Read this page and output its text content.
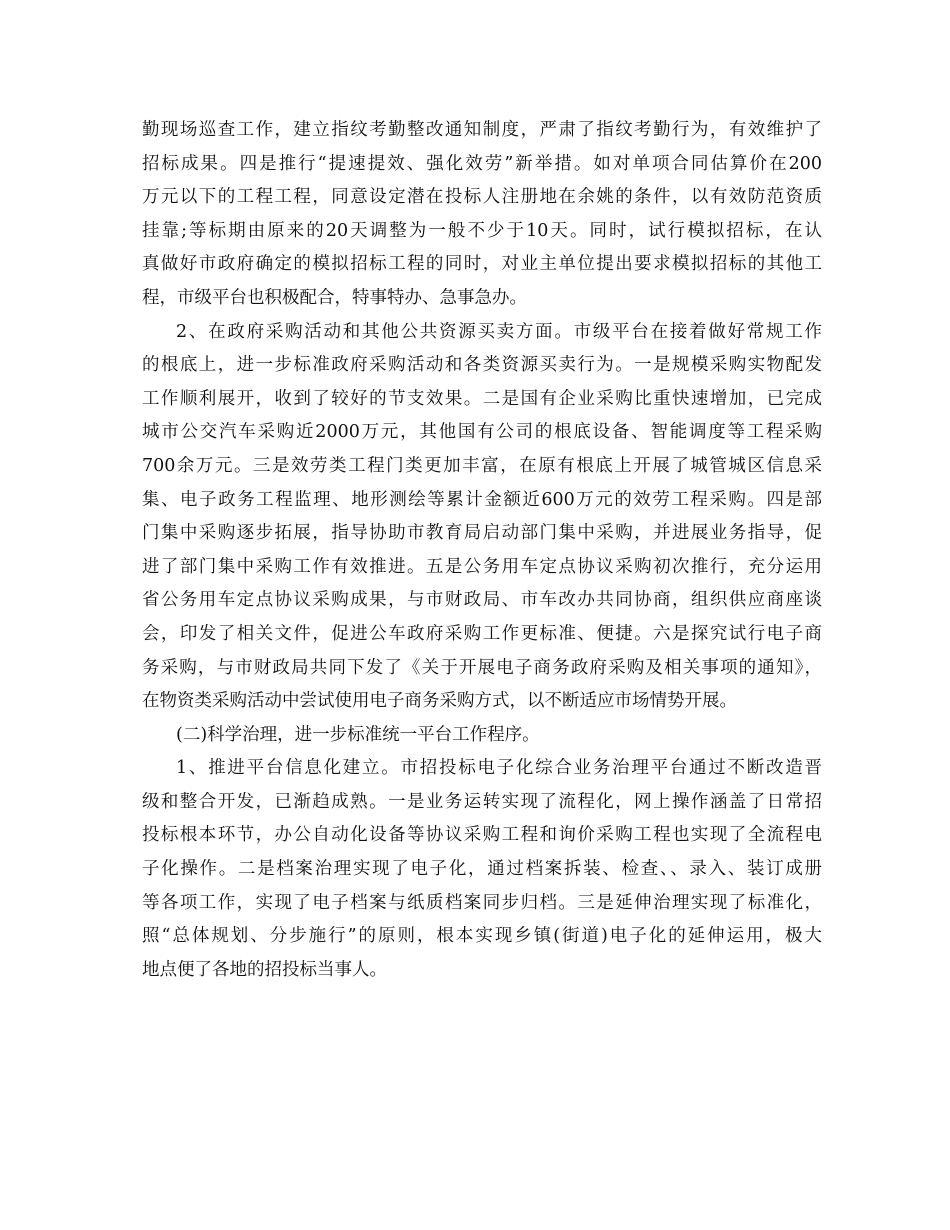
勤现场巡查工作，建立指纹考勤整改通知制度，严肃了指纹考勤行为，有效维护了
招标成果。四是推行“提速提效、强化效劳”新举措。如对单项合同估算价在200
万元以下的工程工程，同意设定潜在投标人注册地在余姚的条件，以有效防范资质
挂靠;等标期由原来的20天调整为一般不少于10天。同时，试行模拟招标，在认
真做好市政府确定的模拟招标工程的同时，对业主单位提出要求模拟招标的其他工
程，市级平台也积极配合，特事特办、急事急办。
2、在政府采购活动和其他公共资源买卖方面。市级平台在接着做好常规工作
的根底上，进一步标准政府采购活动和各类资源买卖行为。一是规模采购实物配发
工作顺利展开，收到了较好的节支效果。二是国有企业采购比重快速增加，已完成
城市公交汽车采购近2000万元，其他国有公司的根底设备、智能调度等工程采购
700余万元。三是效劳类工程门类更加丰富，在原有根底上开展了城管城区信息采
集、电子政务工程监理、地形测绘等累计金额近600万元的效劳工程采购。四是部
门集中采购逐步拓展，指导协助市教育局启动部门集中采购，并进展业务指导，促
进了部门集中采购工作有效推进。五是公务用车定点协议采购初次推行，充分运用
省公务用车定点协议采购成果，与市财政局、市车改办共同协商，组织供应商座谈
会，印发了相关文件，促进公车政府采购工作更标准、便捷。六是探究试行电子商
务采购，与市财政局共同下发了《关于开展电子商务政府采购及相关事项的通知》，
在物资类采购活动中尝试使用电子商务采购方式，以不断适应市场情势开展。
(二)科学治理，进一步标准统一平台工作程序。
1、推进平台信息化建立。市招投标电子化综合业务治理平台通过不断改造晋
级和整合开发，已渐趋成熟。一是业务运转实现了流程化，网上操作涵盖了日常招
投标根本环节，办公自动化设备等协议采购工程和询价采购工程也实现了全流程电
子化操作。二是档案治理实现了电子化，通过档案拆装、检查、、录入、装订成册
等各项工作，实现了电子档案与纸质档案同步归档。三是延伸治理实现了标准化，
照“总体规划、分步施行”的原则，根本实现乡镇(街道)电子化的延伸运用，极大
地点便了各地的招投标当事人。
